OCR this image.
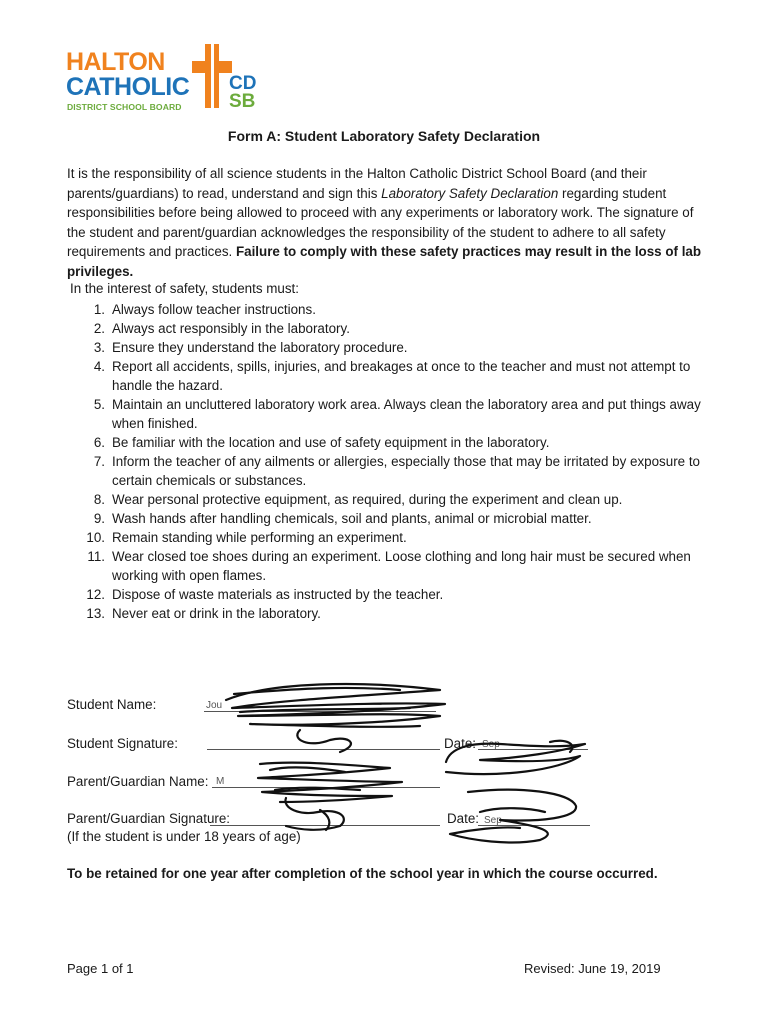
HALTON
CATHOLIC
DISTRICT SCHOOL BOARD
CD
SB
Form A: Student Laboratory Safety Declaration
It is the responsibility of all science students in the Halton Catholic District School Board (and their parents/guardians) to read, understand and sign this Laboratory Safety Declaration regarding student responsibilities before being allowed to proceed with any experiments or laboratory work. The signature of the student and parent/guardian acknowledges the responsibility of the student to adhere to all safety requirements and practices. Failure to comply with these safety practices may result in the loss of lab privileges.
In the interest of safety, students must:
1. Always follow teacher instructions.
2. Always act responsibly in the laboratory.
3. Ensure they understand the laboratory procedure.
4. Report all accidents, spills, injuries, and breakages at once to the teacher and must not attempt to handle the hazard.
5. Maintain an uncluttered laboratory work area. Always clean the laboratory area and put things away when finished.
6. Be familiar with the location and use of safety equipment in the laboratory.
7. Inform the teacher of any ailments or allergies, especially those that may be irritated by exposure to certain chemicals or substances.
8. Wear personal protective equipment, as required, during the experiment and clean up.
9. Wash hands after handling chemicals, soil and plants, animal or microbial matter.
10. Remain standing while performing an experiment.
11. Wear closed toe shoes during an experiment. Loose clothing and long hair must be secured when working with open flames.
12. Dispose of waste materials as instructed by the teacher.
13. Never eat or drink in the laboratory.
Student Name:	Jou
Student Signature:	Date: Sep
Parent/Guardian Name: M
Parent/Guardian Signature:	Date: Sep
(If the student is under 18 years of age)
To be retained for one year after completion of the school year in which the course occurred.
Page 1 of 1	Revised: June 19, 2019
